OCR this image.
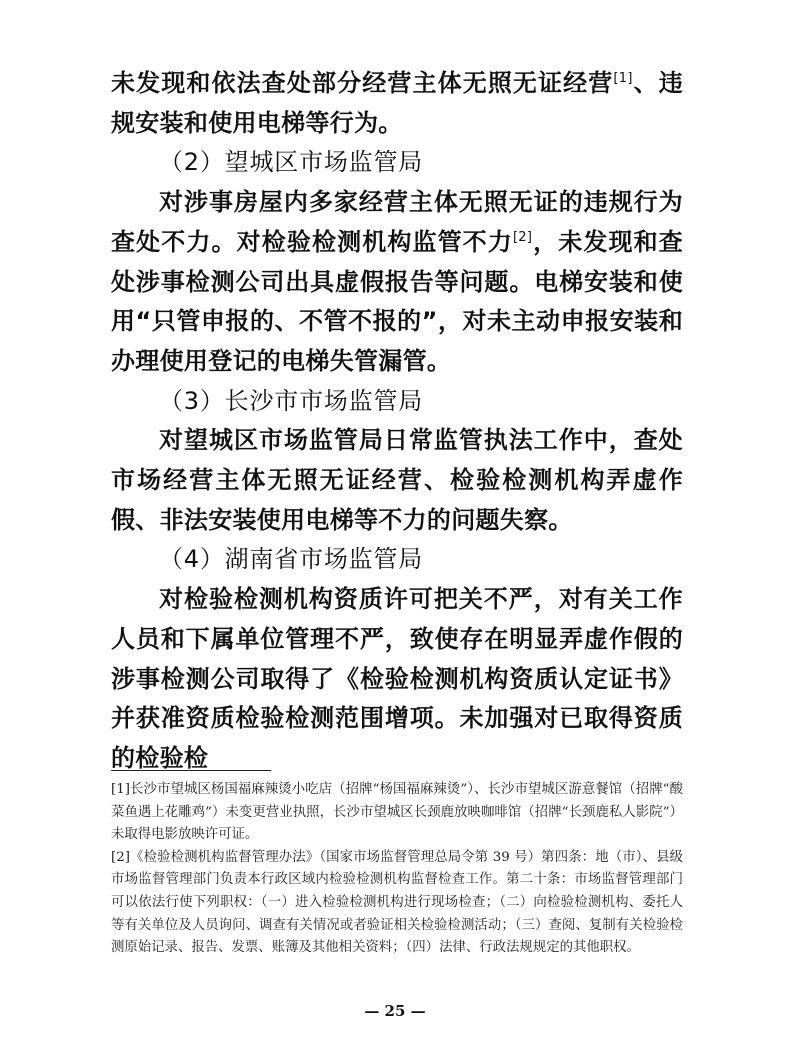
未发现和依法查处部分经营主体无照无证经营[1]、违规安装和使用电梯等行为。

（2）望城区市场监管局

对涉事房屋内多家经营主体无照无证的违规行为查处不力。对检验检测机构监管不力[2]，未发现和查处涉事检测公司出具虚假报告等问题。电梯安装和使用“只管申报的、不管不报的”，对未主动申报安装和办理使用登记的电梯失管漏管。

（3）长沙市市场监管局

对望城区市场监管局日常监管执法工作中，查处市场经营主体无照无证经营、检验检测机构弄虚作假、非法安装使用电梯等不力的问题失察。

（4）湖南省市场监管局

对检验检测机构资质许可把关不严，对有关工作人员和下属单位管理不严，致使存在明显弄虚作假的涉事检测公司取得了《检验检测机构资质认定证书》并获准资质检验检测范围增项。未加强对已取得资质的检验检

[1]长沙市望城区杨国福麻辣烫小吃店（招牌“杨国福麻辣烫”）、长沙市望城区游意餐馆（招牌“酸菜鱼遇上花雕鸡”）未变更营业执照，长沙市望城区长颈鹿放映咖啡馆（招牌“长颈鹿私人影院”）未取得电影放映许可证。

[2]《检验检测机构监督管理办法》（国家市场监督管理总局令第 39 号）第四条：地（市）、县级市场监督管理部门负责本行政区域内检验检测机构监督检查工作。第二十条：市场监督管理部门可以依法行使下列职权：（一）进入检验检测机构进行现场检查；（二）向检验检测机构、委托人等有关单位及人员询问、调查有关情况或者验证相关检验检测活动；（三）查阅、复制有关检验检测原始记录、报告、发票、账簿及其他相关资料；（四）法律、行政法规规定的其他职权。

— 25 —
